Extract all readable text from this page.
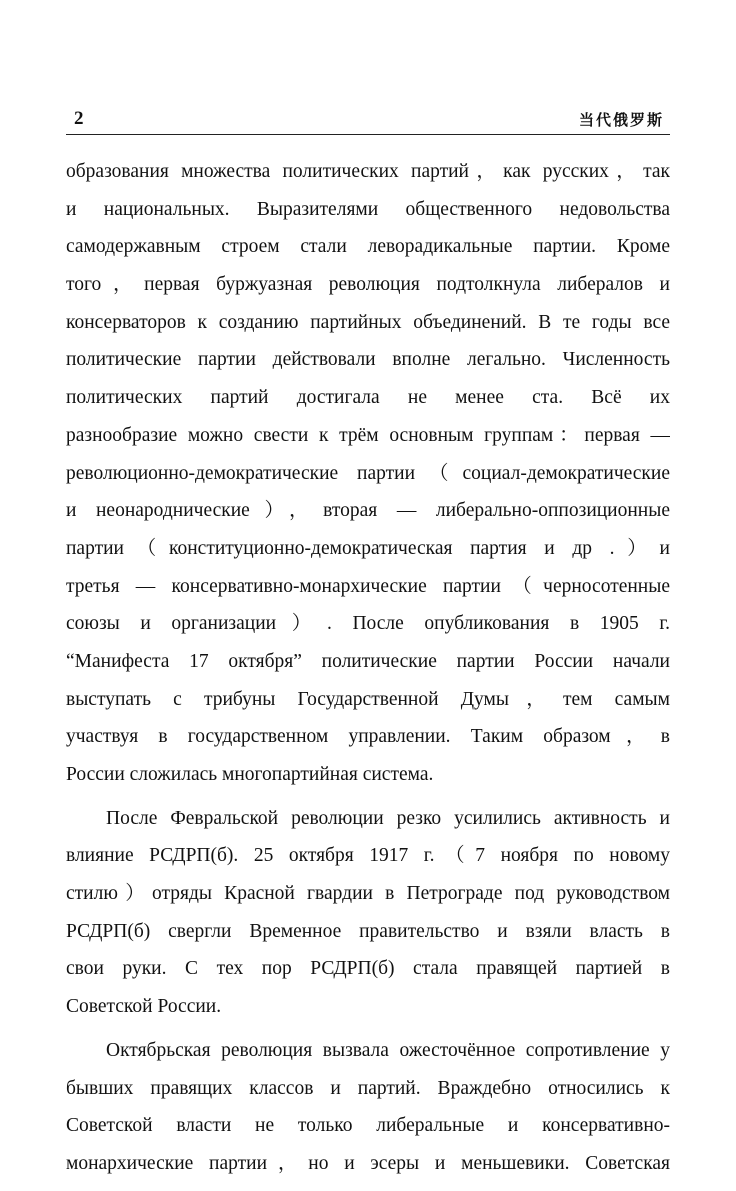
2	当代俄罗斯
образования множества политических партий，как русских，так
и национальных. Выразителями общественного недовольства
самодержавным строем стали леворадикальные партии. Кроме
того，первая буржуазная революция подтолкнула либералов и
консерваторов к созданию партийных объединений. В те годы все
политические партии действовали вполне легально. Численность
политических партий достигала не менее ста. Всё их
разнообразие можно свести к трём основным группам：первая —
революционно-демократические партии（социал-демократические
и неонароднические），вторая — либерально-оппозиционные
партии（конституционно-демократическая партия и др .）и
третья — консервативно-монархические партии（черносотенные
союзы и организации）. После опубликования в 1905 г.
“Манифеста 17 октября” политические партии России начали
выступать с трибуны Государственной Думы，тем самым
участвуя в государственном управлении. Таким образом，в
России сложилась многопартийная система.
После Февральской революции резко усилились активность и
влияние РСДРП(б). 25 октября 1917 г.（7 ноября по новому
стилю）отряды Красной гвардии в Петрограде под руководством
РСДРП(б) свергли Временное правительство и взяли власть в
свои руки. С тех пор РСДРП(б) стала правящей партией в
Советской России.
Октябрьская революция вызвала ожесточённое сопротивление у
бывших правящих классов и партий. Враждебно относились к
Советской власти не только либеральные и консервативно-
монархические партии，но и эсеры и меньшевики. Советская
